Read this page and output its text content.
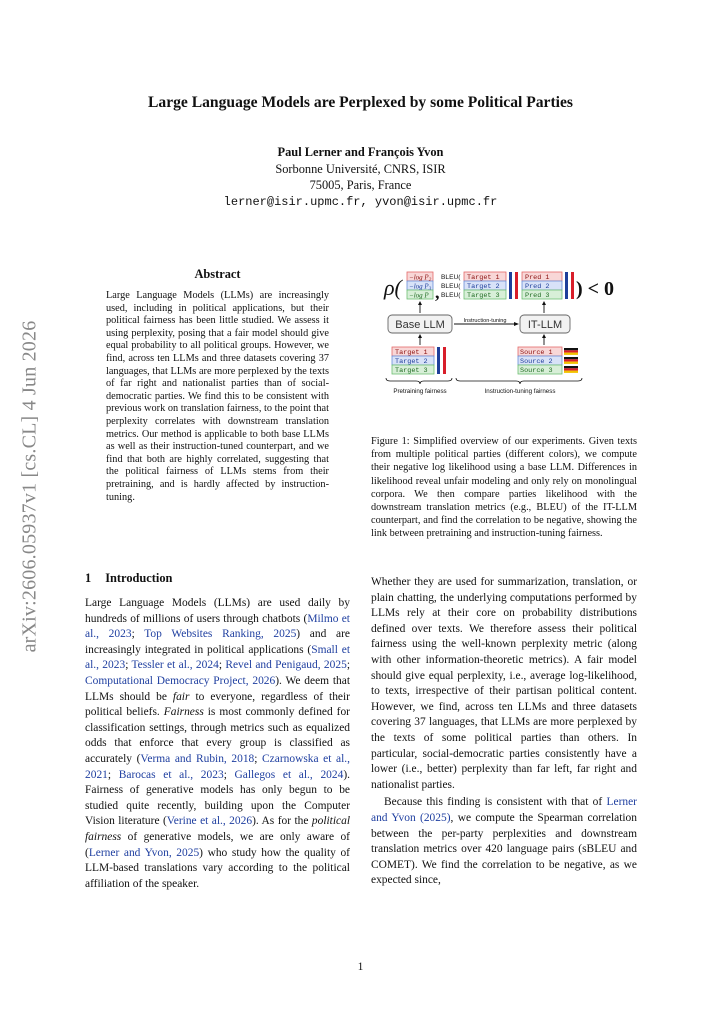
arXiv:2606.05937v1 [cs.CL] 4 Jun 2026
Large Language Models are Perplexed by some Political Parties
Paul Lerner and François Yvon
Sorbonne Université, CNRS, ISIR
75005, Paris, France
lerner@isir.upmc.fr, yvon@isir.upmc.fr
Abstract
Large Language Models (LLMs) are increasingly used, including in political applications, but their political fairness has been little studied. We assess it using perplexity, posing that a fair model should give equal probability to all political groups. However, we find, across ten LLMs and three datasets covering 37 languages, that LLMs are more perplexed by the texts of far right and nationalist parties than of social-democratic parties. We find this to be consistent with previous work on translation fairness, to the point that perplexity correlates with downstream translation metrics. Our method is applicable to both base LLMs as well as their instruction-tuned counterpart, and we find that both are highly correlated, suggesting that the political fairness of LLMs stems from their pretraining, and is hardly affected by instruction-tuning.
ρ( −log $P_2$
−log $P_3$
−log P ,
BLEU(
BLEU(
BLEU(
Target 1
Target 2
Target 3
Pred 1
Pred 2
Pred 3 ) < 0
Base LLM	IT-LLM
Instruction-tuning
Target 1
Target 2
Target 3
Source 1
Source 2
Source 3
Pretraining fairness	Instruction-tuning fairness
Figure 1: Simplified overview of our experiments. Given texts from multiple political parties (different colors), we compute their negative log likelihood using a base LLM. Differences in likelihood reveal unfair modeling and only rely on monolingual corpora. We then compare parties likelihood with the downstream translation metrics (e.g., BLEU) of the IT-LLM counterpart, and find the correlation to be negative, showing the link between pretraining and instruction-tuning fairness.
1 Introduction

Large Language Models (LLMs) are used daily by hundreds of millions of users through chatbots (Milmo et al., 2023; Top Websites Ranking, 2025) and are increasingly integrated in political applications (Small et al., 2023; Tessler et al., 2024; Revel and Penigaud, 2025; Computational Democracy Project, 2026). We deem that LLMs should be fair to everyone, regardless of their political beliefs. Fairness is most commonly defined for classification settings, through metrics such as equalized odds that enforce that every group is classified as accurately (Verma and Rubin, 2018; Czarnowska et al., 2021; Barocas et al., 2023; Gallegos et al., 2024). Fairness of generative models has only begun to be studied quite recently, building upon the Computer Vision literature (Verine et al., 2026). As for the political fairness of generative models, we are only aware of (Lerner and Yvon, 2025) who study how the quality of LLM-based translations vary according to the political affiliation of the speaker.

Whether they are used for summarization, translation, or plain chatting, the underlying computations performed by LLMs rely at their core on probability distributions defined over texts. We therefore assess their political fairness using the well-known perplexity metric (along with other information-theoretic metrics). A fair model should give equal perplexity, i.e., average log-likelihood, to texts, irrespective of their partisan political content. However, we find, across ten LLMs and three datasets covering 37 languages, that LLMs are more perplexed by the texts of some political parties than others. In particular, social-democratic parties consistently have a lower (i.e., better) perplexity than far left, far right and nationalist parties.

Because this finding is consistent with that of Lerner and Yvon (2025), we compute the Spearman correlation between the per-party perplexities and downstream translation metrics over 420 language pairs (sBLEU and COMET). We find the correlation to be negative, as we expected since,

1
